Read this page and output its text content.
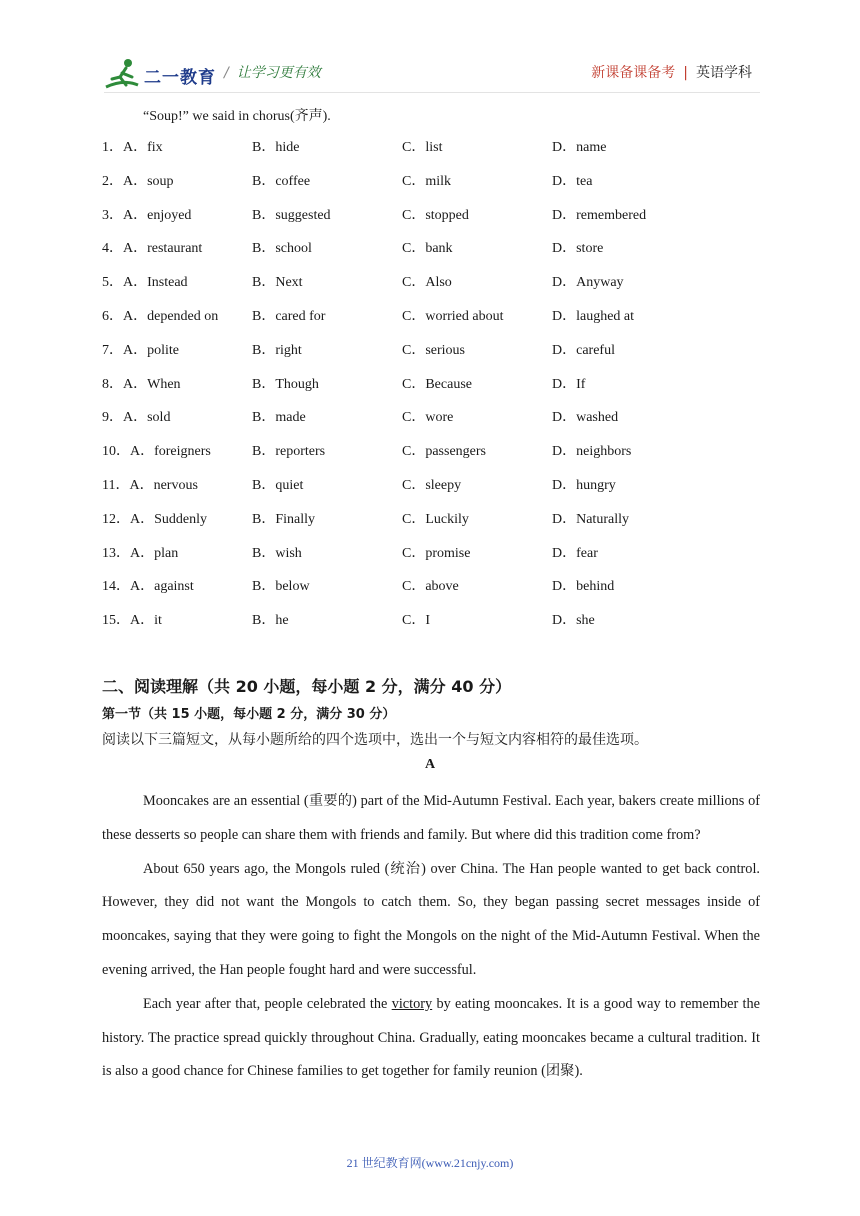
二一教育 / 让学习更有效	新课备课备考 | 英语学科
“Soup!” we said in chorus(齐声).
1．A．fix	B．hide	C．list	D．name
2．A．soup	B．coffee	C．milk	D．tea
3．A．enjoyed	B．suggested	C．stopped	D．remembered
4．A．restaurant	B．school	C．bank	D．store
5．A．Instead	B．Next	C．Also	D．Anyway
6．A．depended on B．cared for	C．worried about	D．laughed at
7．A．polite	B．right	C．serious	D．careful
8．A．When	B．Though	C．Because	D．If
9．A．sold	B．made	C．wore	D．washed
10．A．foreigners	B．reporters	C．passengers	D．neighbors
11．A．nervous	B．quiet	C．sleepy	D．hungry
12．A．Suddenly	B．Finally	C．Luckily	D．Naturally
13．A．plan	B．wish	C．promise	D．fear
14．A．against	B．below	C．above	D．behind
15．A．it	B．he	C．I	D．she
二、阅读理解（共 20 小题，每小题 2 分，满分 40 分）
第一节（共 15 小题，每小题 2 分，满分 30 分）
阅读以下三篇短文，从每小题所给的四个选项中，选出一个与短文内容相符的最佳选项。
A

Mooncakes are an essential (重要的) part of the Mid-Autumn Festival. Each year, bakers create millions of these desserts so people can share them with friends and family. But where did this tradition come from?

About 650 years ago, the Mongols ruled (统治) over China. The Han people wanted to get back control. However, they did not want the Mongols to catch them. So, they began passing secret messages inside of mooncakes, saying that they were going to fight the Mongols on the night of the Mid-Autumn Festival. When the evening arrived, the Han people fought hard and were successful.

Each year after that, people celebrated the victory by eating mooncakes. It is a good way to remember the history. The practice spread quickly throughout China. Gradually, eating mooncakes became a cultural tradition. It is also a good chance for Chinese families to get together for family reunion (团聚).

21 世纪教育网(www.21cnjy.com)
